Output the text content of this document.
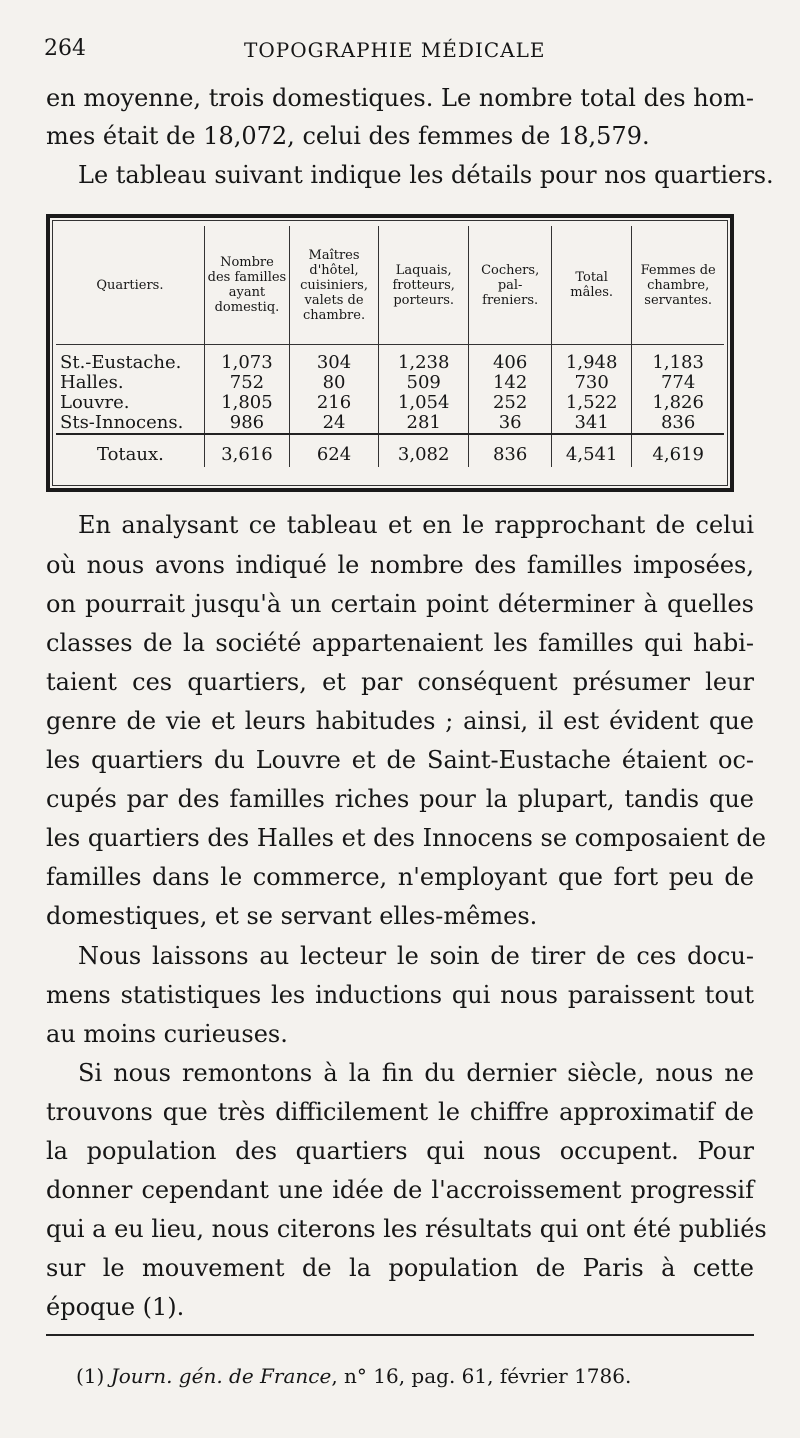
264	TOPOGRAPHIE MÉDICALE
en moyenne, trois domestiques. Le nombre total des hom-
mes était de 18,072, celui des femmes de 18,579.
Le tableau suivant indique les détails pour nos quartiers.
Quartiers.	Nombre des familles ayant domestiq.	Maîtres d'hôtel, cuisiniers, valets de chambre.	Laquais, frotteurs, porteurs.	Cochers, pal-freniers.	Total mâles.	Femmes de chambre, servantes.
St.-Eustache.	1,073	304	1,238	406	1,948	1,183
Halles.	752	80	509	142	730	774
Louvre.	1,805	216	1,054	252	1,522	1,826
Sts-Innocens.	986	24	281	36	341	836
Totaux.	3,616	624	3,082	836	4,541	4,619
En analysant ce tableau et en le rapprochant de celui
où nous avons indiqué le nombre des familles imposées,
on pourrait jusqu'à un certain point déterminer à quelles
classes de la société appartenaient les familles qui habi-
taient ces quartiers, et par conséquent présumer leur
genre de vie et leurs habitudes ; ainsi, il est évident que
les quartiers du Louvre et de Saint-Eustache étaient oc-
cupés par des familles riches pour la plupart, tandis que
les quartiers des Halles et des Innocens se composaient de
familles dans le commerce, n'employant que fort peu de
domestiques, et se servant elles-mêmes.
Nous laissons au lecteur le soin de tirer de ces docu-
mens statistiques les inductions qui nous paraissent tout
au moins curieuses.
Si nous remontons à la fin du dernier siècle, nous ne
trouvons que très difficilement le chiffre approximatif de
la population des quartiers qui nous occupent. Pour
donner cependant une idée de l'accroissement progressif
qui a eu lieu, nous citerons les résultats qui ont été publiés
sur le mouvement de la population de Paris à cette
époque (1).
(1) Journ. gén. de France, n° 16, pag. 61, février 1786.
